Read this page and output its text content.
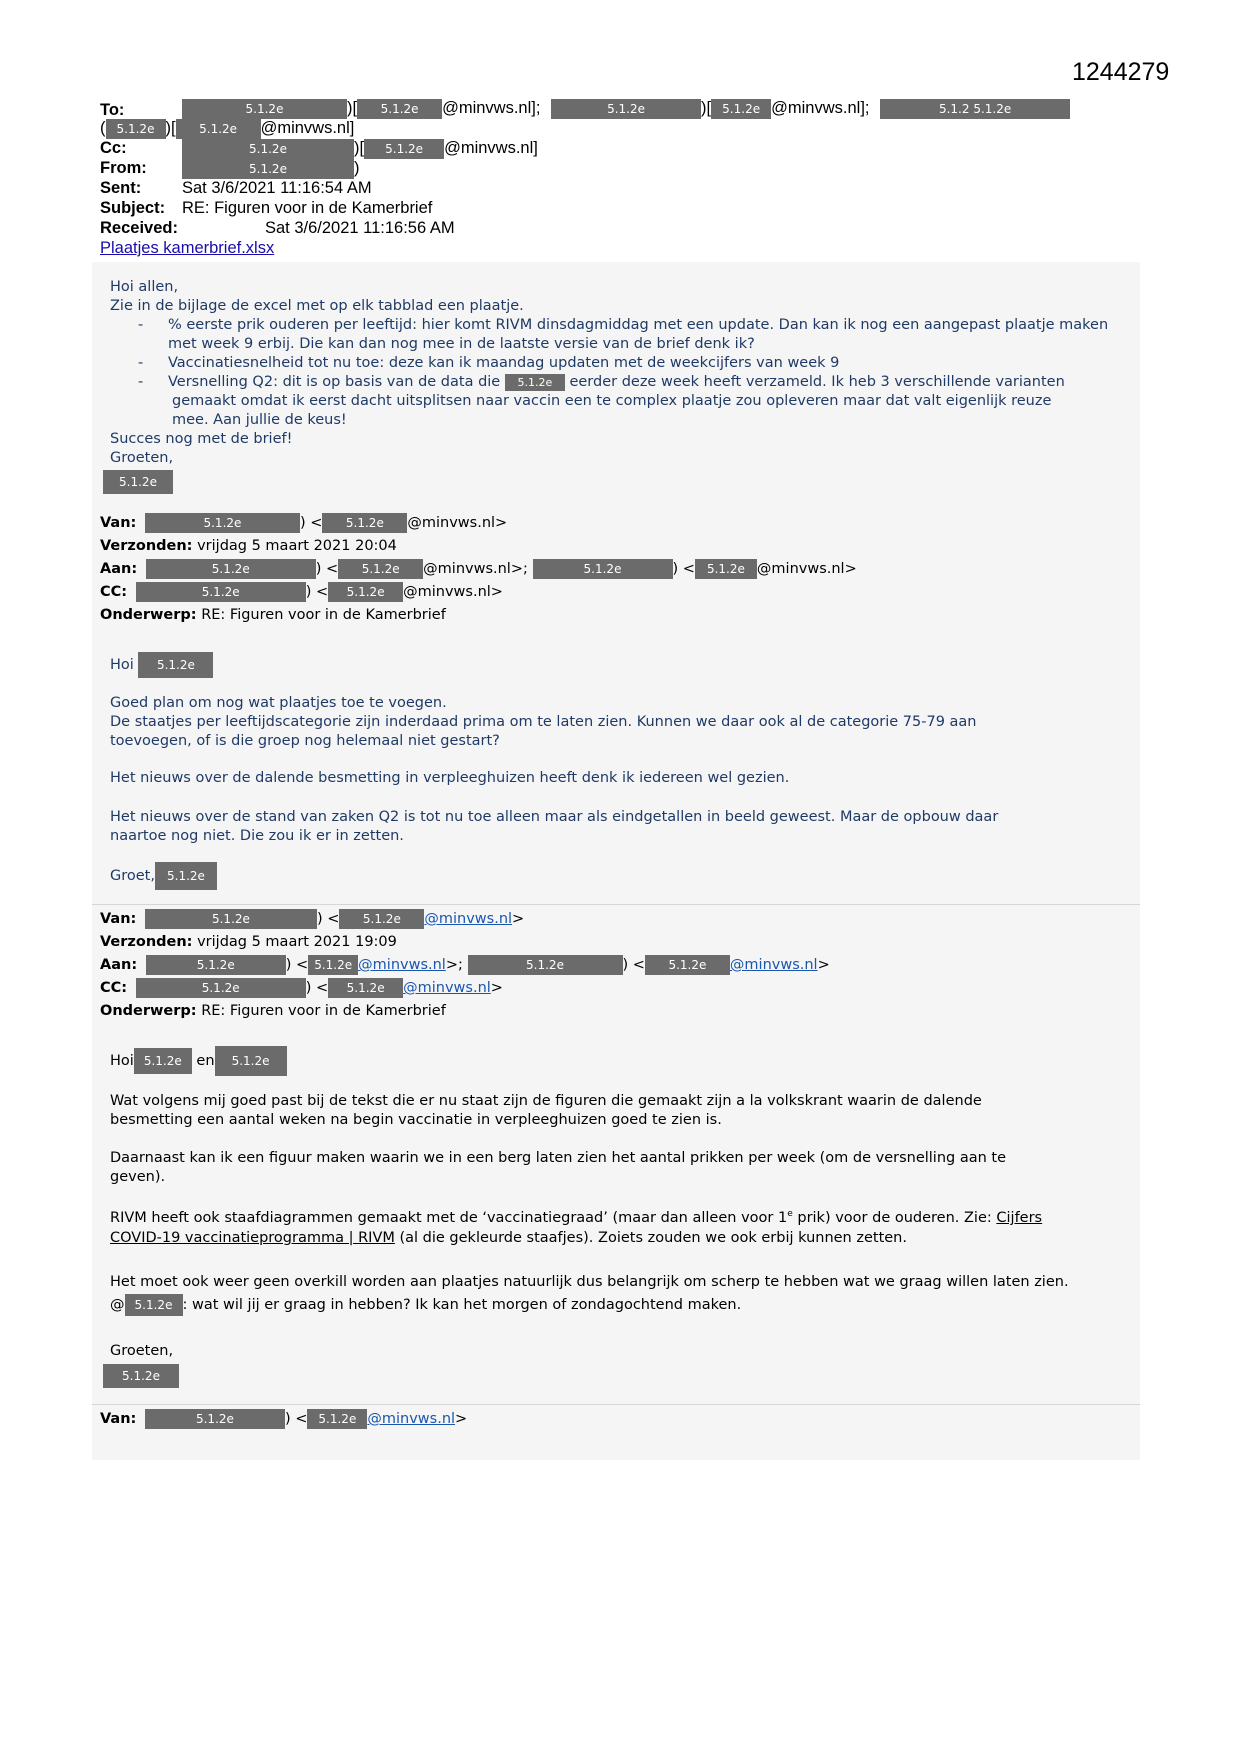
1244279
To:	5.1.2e	)[ 5.1.2e @minvws.nl];	5.1.2e	)[ 5.1.2e @minvws.nl];	5.1.2 5.1.2e
( 5.1.2e )[ 5.1.2e @minvws.nl]
Cc:	5.1.2e	)[ 5.1.2e @minvws.nl]
From:	5.1.2e	)
Sent: Sat 3/6/2021 11:16:54 AM
Subject: RE: Figuren voor in de Kamerbrief
Received:	Sat 3/6/2021 11:16:56 AM
Plaatjes kamerbrief.xlsx
Hoi allen,
Zie in de bijlage de excel met op elk tabblad een plaatje.
- % eerste prik ouderen per leeftijd: hier komt RIVM dinsdagmiddag met een update. Dan kan ik nog een aangepast plaatje maken met week 9 erbij. Die kan dan nog mee in de laatste versie van de brief denk ik?
- Vaccinatiesnelheid tot nu toe: deze kan ik maandag updaten met de weekcijfers van week 9
- Versnelling Q2: dit is op basis van de data die 5.1.2e eerder deze week heeft verzameld. Ik heb 3 verschillende varianten
gemaakt omdat ik eerst dacht uitsplitsen naar vaccin een te complex plaatje zou opleveren maar dat valt eigenlijk reuze
mee. Aan jullie de keus!
Succes nog met de brief!
Groeten,
5.1.2e
Van:	5.1.2e	) < 5.1.2e @minvws.nl>
Verzonden: vrijdag 5 maart 2021 20:04
Aan:	5.1.2e	) < 5.1.2e @minvws.nl>;	5.1.2e	) < 5.1.2e @minvws.nl>
CC:	5.1.2e	) < 5.1.2e @minvws.nl>
Onderwerp: RE: Figuren voor in de Kamerbrief
Hoi 5.1.2e
Goed plan om nog wat plaatjes toe te voegen.
De staatjes per leeftijdscategorie zijn inderdaad prima om te laten zien. Kunnen we daar ook al de categorie 75-79 aan
toevoegen, of is die groep nog helemaal niet gestart?
Het nieuws over de dalende besmetting in verpleeghuizen heeft denk ik iedereen wel gezien.
Het nieuws over de stand van zaken Q2 is tot nu toe alleen maar als eindgetallen in beeld geweest. Maar de opbouw daar
naartoe nog niet. Die zou ik er in zetten.
Groet, 5.1.2e
Van:	5.1.2e	) < 5.1.2e @minvws.nl>
Verzonden: vrijdag 5 maart 2021 19:09
Aan:	5.1.2e	) < 5.1.2e @minvws.nl>;	5.1.2e	) < 5.1.2e @minvws.nl>
CC:	5.1.2e	) < 5.1.2e @minvws.nl>
Onderwerp: RE: Figuren voor in de Kamerbrief
Hoi 5.1.2e en 5.1.2e
Wat volgens mij goed past bij de tekst die er nu staat zijn de figuren die gemaakt zijn a la volkskrant waarin de dalende
besmetting een aantal weken na begin vaccinatie in verpleeghuizen goed te zien is.
Daarnaast kan ik een figuur maken waarin we in een berg laten zien het aantal prikken per week (om de versnelling aan te
geven).
RIVM heeft ook staafdiagrammen gemaakt met de ‘vaccinatiegraad’ (maar dan alleen voor 1e prik) voor de ouderen. Zie: Cijfers
COVID-19 vaccinatieprogramma | RIVM (al die gekleurde staafjes). Zoiets zouden we ook erbij kunnen zetten.
Het moet ook weer geen overkill worden aan plaatjes natuurlijk dus belangrijk om scherp te hebben wat we graag willen laten zien.
@ 5.1.2e : wat wil jij er graag in hebben? Ik kan het morgen of zondagochtend maken.
Groeten,
5.1.2e
Van:	5.1.2e	) < 5.1.2e @minvws.nl>
